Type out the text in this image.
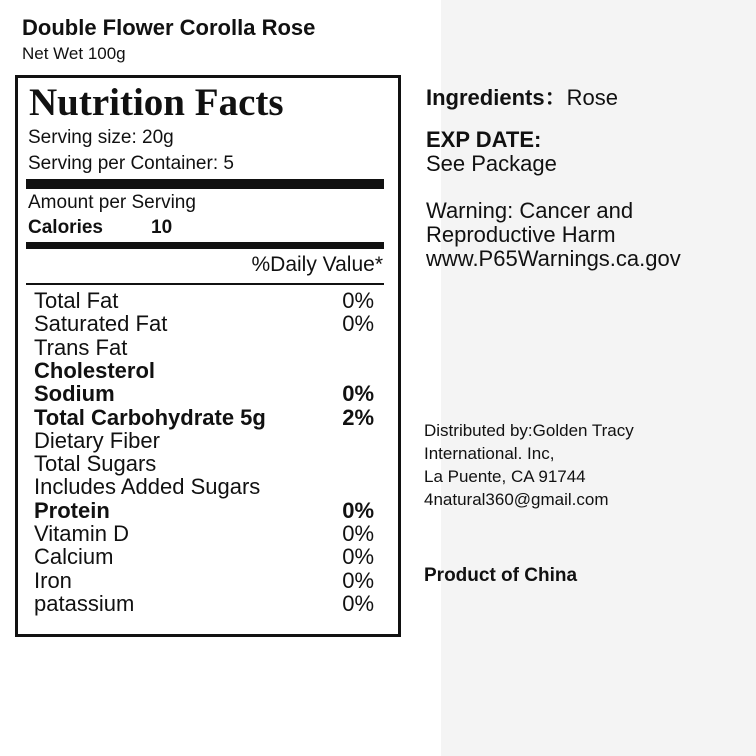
Double Flower Corolla Rose
Net Wet 100g
Nutrition Facts
Serving size: 20g
Serving per Container: 5
Amount per Serving
Calories	10
%Daily Value*
Total Fat	0%
Saturated Fat	0%
Trans Fat
Cholesterol
Sodium	0%
Total Carbohydrate 5g	2%
Dietary Fiber
Total Sugars
Includes Added Sugars
Protein	0%
Vitamin D	0%
Calcium	0%
Iron	0%
patassium	0%
Ingredients：Rose
EXP DATE:
See Package
Warning: Cancer and
Reproductive Harm
www.P65Warnings.ca.gov
Distributed by:Golden Tracy
International. Inc,
La Puente, CA 91744
4natural360@gmail.com
Product of China
